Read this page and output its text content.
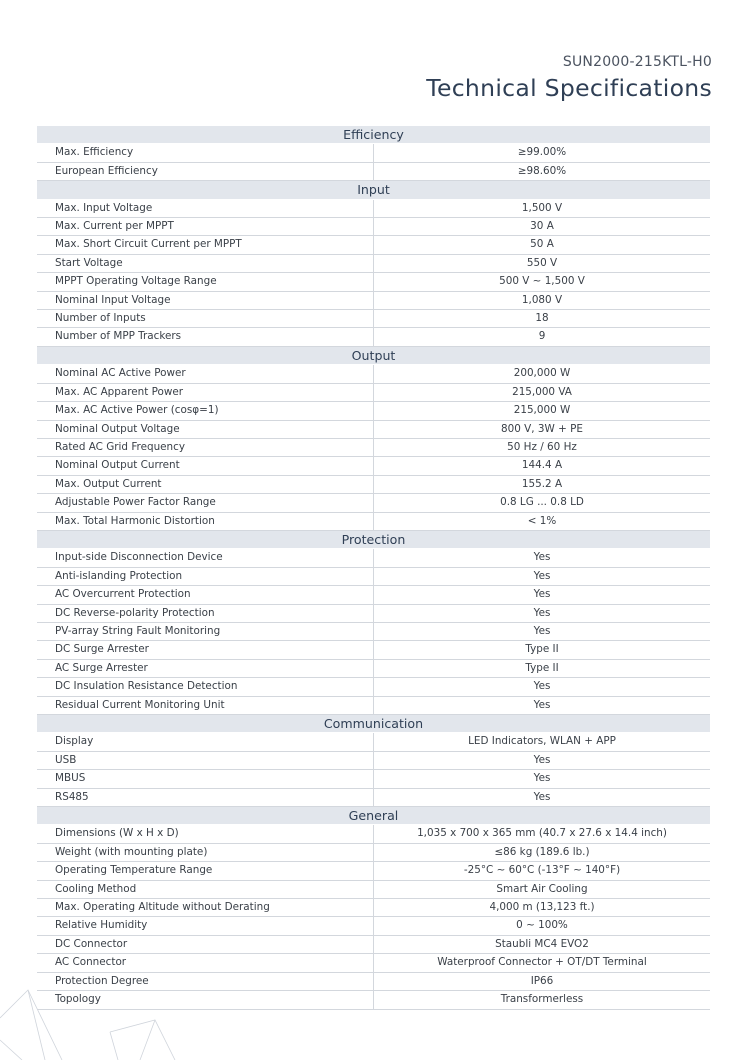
SUN2000-215KTL-H0
Technical Specifications
Efficiency	
Max. Efficiency	≥99.00%
European Efficiency	≥98.60%
Input	
Max. Input Voltage	1,500 V
Max. Current per MPPT	30 A
Max. Short Circuit Current per MPPT	50 A
Start Voltage	550 V
MPPT Operating Voltage Range	500 V ~ 1,500 V
Nominal Input Voltage	1,080 V
Number of Inputs	18
Number of MPP Trackers	9
Output	
Nominal AC Active Power	200,000 W
Max. AC Apparent Power	215,000 VA
Max. AC Active Power (cosφ=1)	215,000 W
Nominal Output Voltage	800 V, 3W + PE
Rated AC Grid Frequency	50 Hz / 60 Hz
Nominal Output Current	144.4 A
Max. Output Current	155.2 A
Adjustable Power Factor Range	0.8 LG ... 0.8 LD
Max. Total Harmonic Distortion	< 1%
Protection	
Input-side Disconnection Device	Yes
Anti-islanding Protection	Yes
AC Overcurrent Protection	Yes
DC Reverse-polarity Protection	Yes
PV-array String Fault Monitoring	Yes
DC Surge Arrester	Type II
AC Surge Arrester	Type II
DC Insulation Resistance Detection	Yes
Residual Current Monitoring Unit	Yes
Communication	
Display	LED Indicators, WLAN + APP
USB	Yes
MBUS	Yes
RS485	Yes
General	
Dimensions (W x H x D)	1,035 x 700 x 365 mm (40.7 x 27.6 x 14.4 inch)
Weight (with mounting plate)	≤86 kg (189.6 lb.)
Operating Temperature Range	-25°C ~ 60°C (-13°F ~ 140°F)
Cooling Method	Smart Air Cooling
Max. Operating Altitude without Derating	4,000 m (13,123 ft.)
Relative Humidity	0 ~ 100%
DC Connector	Staubli MC4 EVO2
AC Connector	Waterproof Connector + OT/DT Terminal
Protection Degree	IP66
Topology	Transformerless
